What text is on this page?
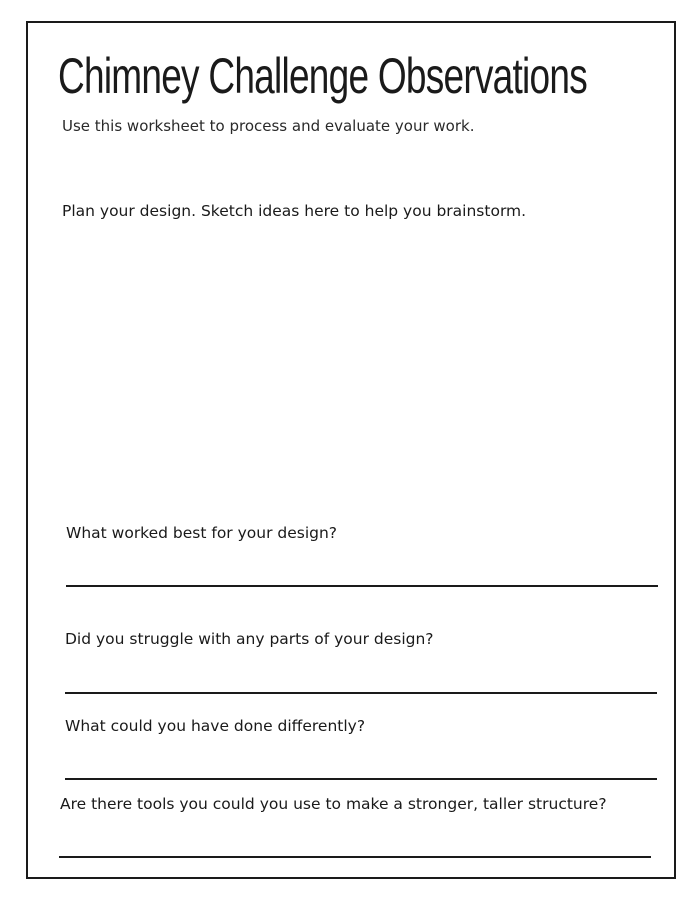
Chimney Challenge Observations
Use this worksheet to process and evaluate your work.
Plan your design. Sketch ideas here to help you brainstorm.
What worked best for your design?
Did you struggle with any parts of your design?
What could you have done differently?
Are there tools you could you use to make a stronger, taller structure?
